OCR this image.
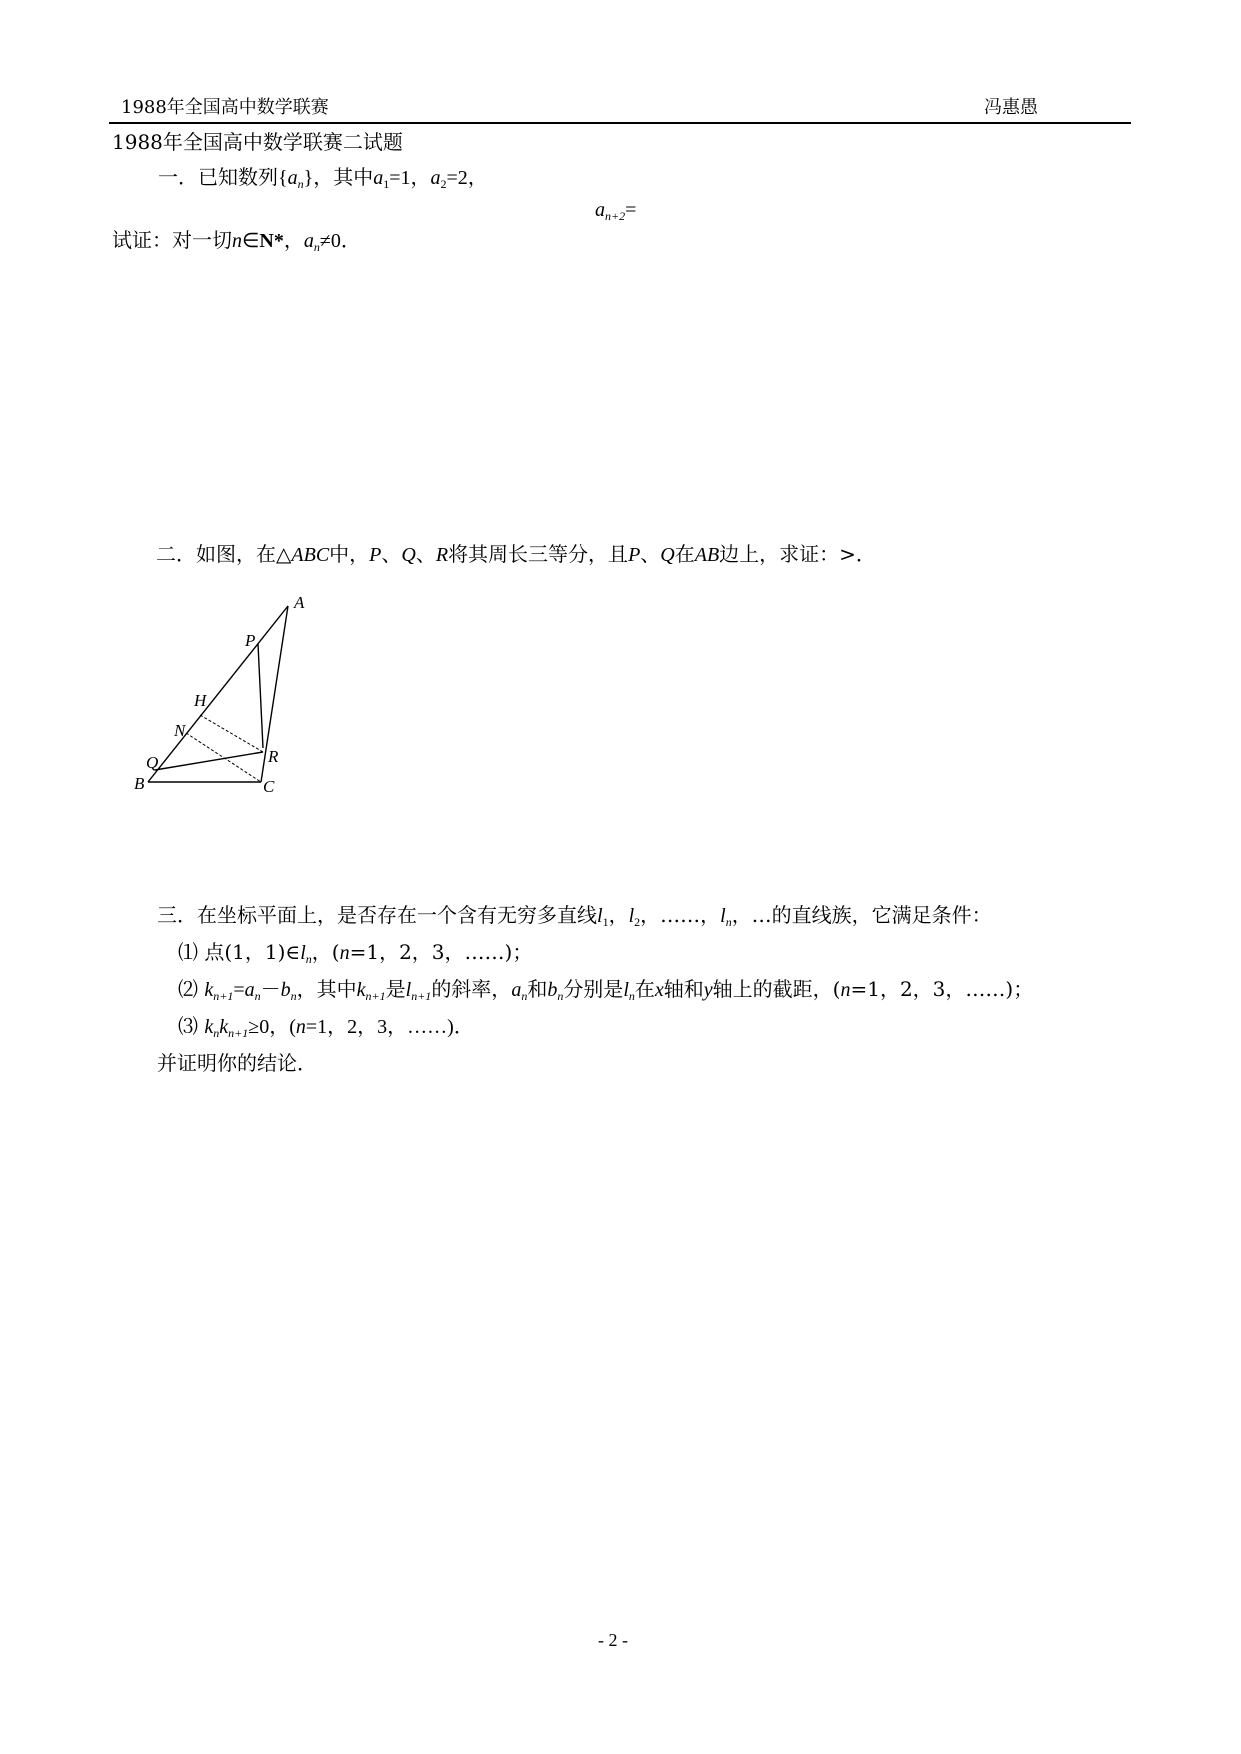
1988年全国高中数学联赛	冯惠愚
1988年全国高中数学联赛二试题
一．已知数列$\{a_n\}$，其中$a_1=1$，$a_2=2$，
$a_{n+2}=$
试证：对一切n∈N*，$a_n\ne 0$．
二．如图，在△ABC中，P、Q、R将其周长三等分，且P、Q在AB边上，求证：>．
A
P
H
N
Q
B
R
C
三．在坐标平面上，是否存在一个含有无穷多直线$l_1$，$l_2$，……，$l_n$，…的直线族，它满足条件：
⑴ 点(1，$1)\in l_n$，(n=1，2，3，……)；
⑵ $k_{n+1}=a_n-b_n$，其中$k_{n+1}$是$l_{n+1}$的斜率，$a_n$和$b_n$分别是$l_n$在x轴和y轴上的截距，(n=1，2，3，……)；
⑶ $k_nk_{n+1}\ge 0$，(n=1，2，3，……)．
并证明你的结论．
- 2 -
